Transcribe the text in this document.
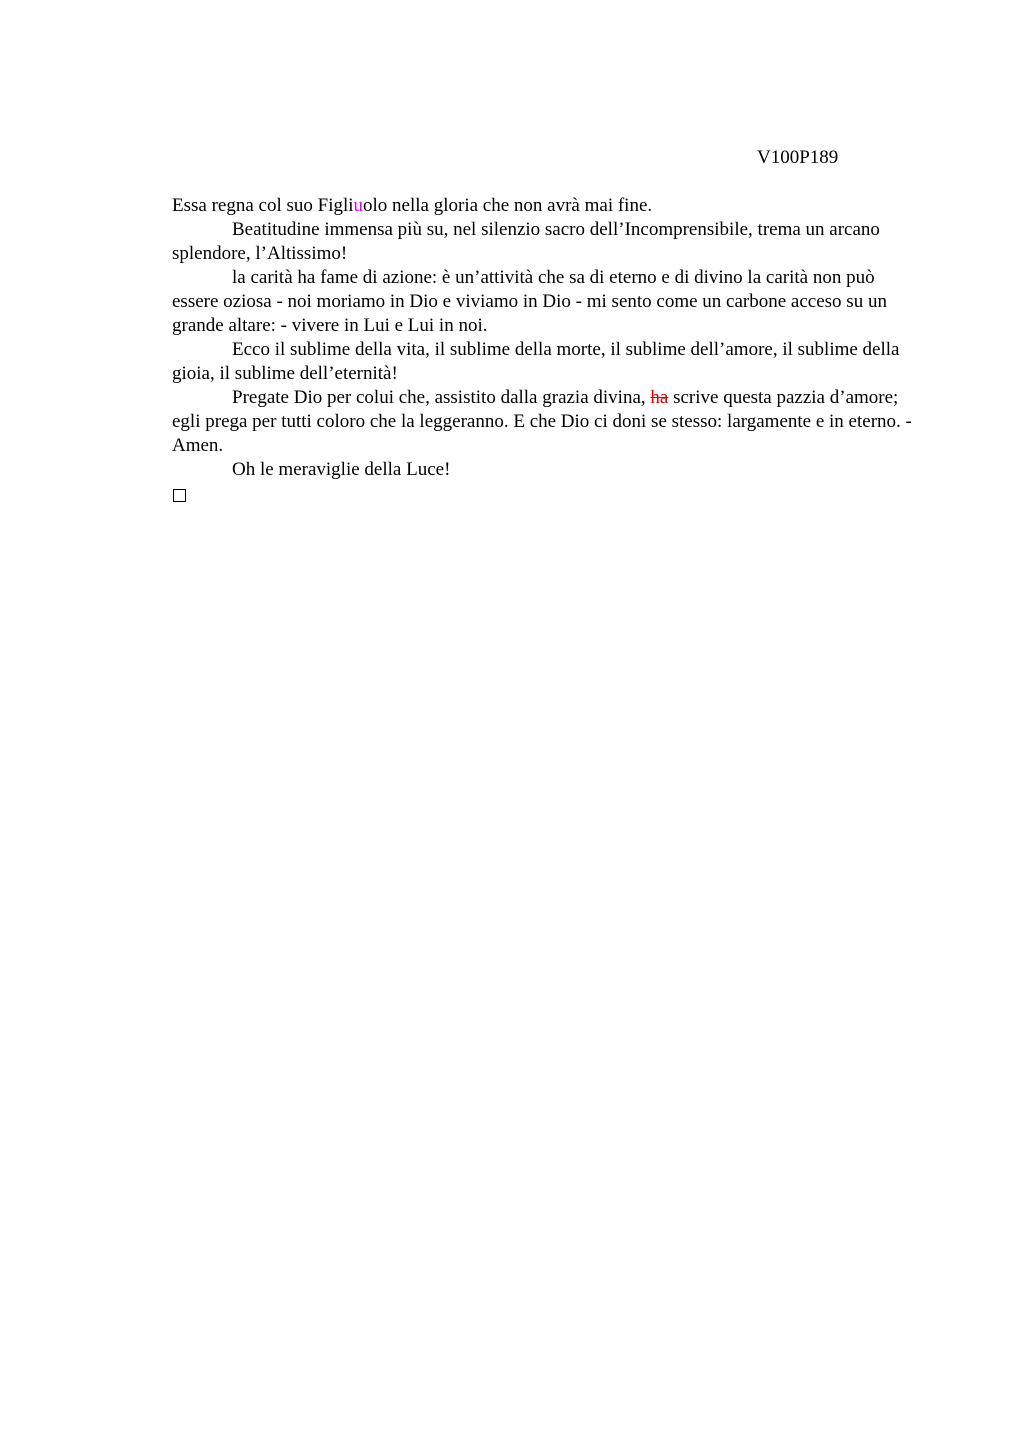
V100P189

Essa regna col suo Figliuolo nella gloria che non avrà mai fine.

Beatitudine immensa più su, nel silenzio sacro dell’Incomprensibile, trema un arcano splendore, l’Altissimo!

la carità ha fame di azione: è un’attività che sa di eterno e di divino la carità non può essere oziosa - noi moriamo in Dio e viviamo in Dio - mi sento come un carbone acceso su un grande altare: - vivere in Lui e Lui in noi.

Ecco il sublime della vita, il sublime della morte, il sublime dell’amore, il sublime della gioia, il sublime dell’eternità!

Pregate Dio per colui che, assistito dalla grazia divina, ha scrive questa pazzia d’amore; egli prega per tutti coloro che la leggeranno. E che Dio ci doni se stesso: largamente e in eterno. - Amen.

Oh le meraviglie della Luce!
